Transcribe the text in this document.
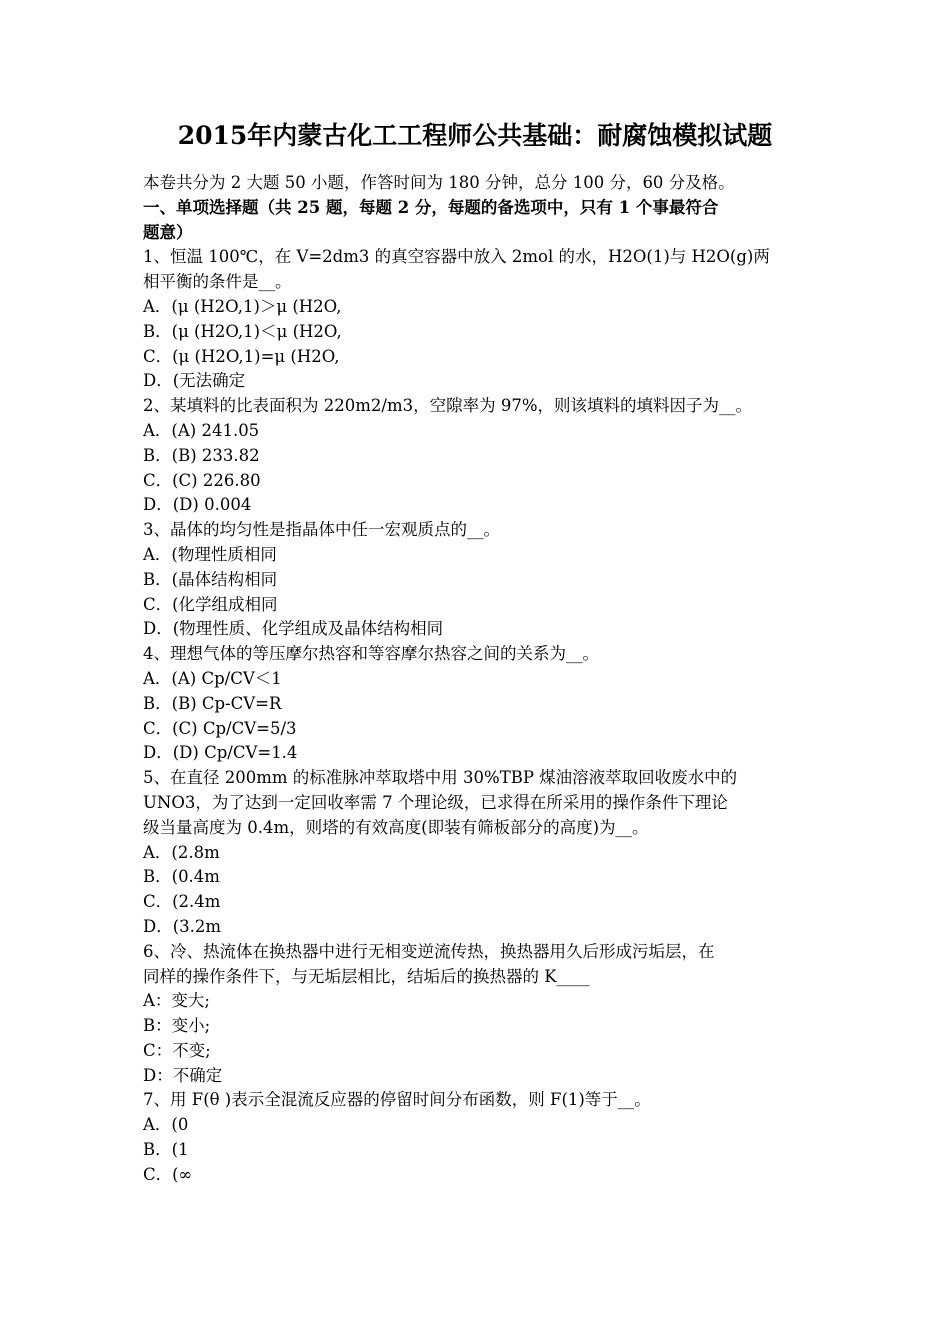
2015年内蒙古化工工程师公共基础：耐腐蚀模拟试题
本卷共分为 2 大题 50 小题，作答时间为 180 分钟，总分 100 分，60 分及格。
一、单项选择题（共 25 题，每题 2 分，每题的备选项中，只有 1 个事最符合
题意）
1、恒温 100℃，在 V=2dm3 的真空容器中放入 2mol 的水，H2O(1)与 H2O(g)两
相平衡的条件是__。
A．(μ (H2O,1)＞μ (H2O,
B．(μ (H2O,1)＜μ (H2O,
C．(μ (H2O,1)=μ (H2O,
D．(无法确定
2、某填料的比表面积为 220m2/m3，空隙率为 97%，则该填料的填料因子为__。
A．(A) 241.05
B．(B) 233.82
C．(C) 226.80
D．(D) 0.004
3、晶体的均匀性是指晶体中任一宏观质点的__。
A．(物理性质相同
B．(晶体结构相同
C．(化学组成相同
D．(物理性质、化学组成及晶体结构相同
4、理想气体的等压摩尔热容和等容摩尔热容之间的关系为__。
A．(A) Cp/CV＜1
B．(B) Cp-CV=R
C．(C) Cp/CV=5/3
D．(D) Cp/CV=1.4
5、在直径 200mm 的标准脉冲萃取塔中用 30%TBP 煤油溶液萃取回收废水中的
UNO3，为了达到一定回收率需 7 个理论级，已求得在所采用的操作条件下理论
级当量高度为 0.4m，则塔的有效高度(即装有筛板部分的高度)为__。
A．(2.8m
B．(0.4m
C．(2.4m
D．(3.2m
6、冷、热流体在换热器中进行无相变逆流传热，换热器用久后形成污垢层，在
同样的操作条件下，与无垢层相比，结垢后的换热器的 K____
A：变大;
B：变小;
C：不变;
D：不确定
7、用 F(θ )表示全混流反应器的停留时间分布函数，则 F(1)等于__。
A．(0
B．(1
C．(∞
